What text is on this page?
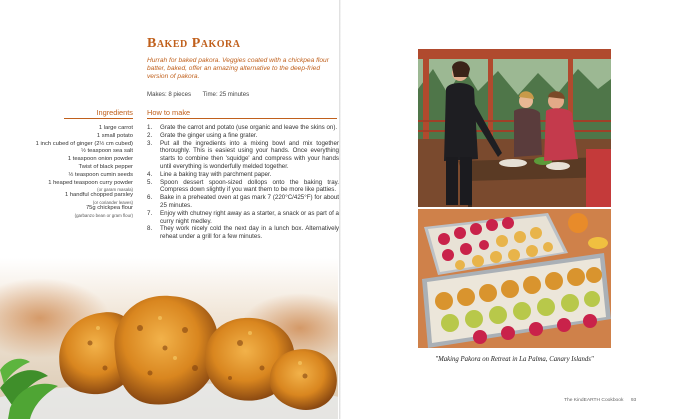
Baked Pakora
Hurrah for baked pakora. Veggies coated with a chickpea flour batter, baked, offer an amazing alternative to the deep-fried version of pakora.
Makes: 8 pieces Time: 25 minutes
Ingredients How to make
1 large carrot
1 small potato
1 inch cubed of ginger (2½ cm cubed)
½ teaspoon sea salt
1 teaspoon onion powder
Twist of black pepper
½ teaspoon cumin seeds
1 heaped teaspoon curry powder
(or garam masala)
1 handful chopped parsley
(or coriander leaves)
75g chickpea flour
(garbanzo bean or gram flour)
1. Grate the carrot and potato (use organic and leave the skins on).
2. Grate the ginger using a fine grater.
3. Put all the ingredients into a mixing bowl and mix together thoroughly. This is easiest using your hands. Once everything starts to combine then 'squidge' and compress with your hands until everything is wonderfully melded together.
4. Line a baking tray with parchment paper.
5. Spoon dessert spoon-sized dollops onto the baking tray. Compress down slightly if you want them to be more like patties.
6. Bake in a preheated oven at gas mark 7 (220°C/425°F) for about 25 minutes.
7. Enjoy with chutney right away as a starter, a snack or as part of a curry night medley.
8. They work nicely cold the next day in a lunch box. Alternatively reheat under a grill for a few minutes.
"Making Pakora on Retreat in La Palma, Canary Islands"
The KindEARTH Cookbook 93
